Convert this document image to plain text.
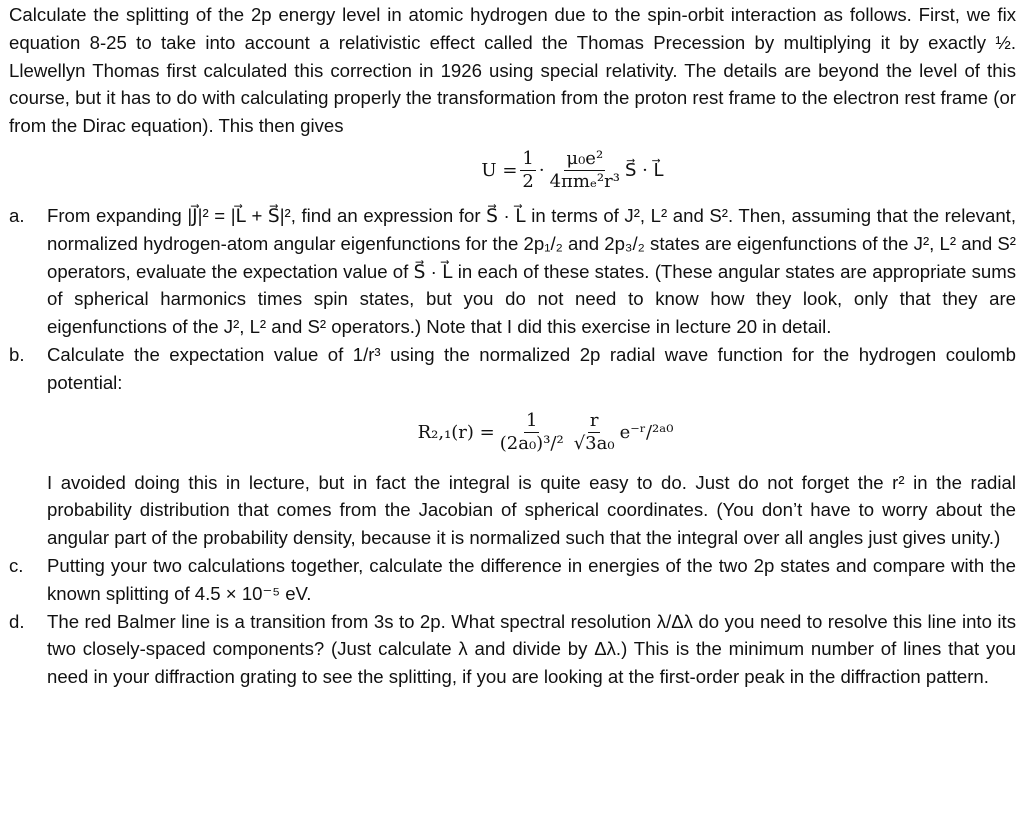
Calculate the splitting of the 2p energy level in atomic hydrogen due to the spin-orbit interaction as follows. First, we fix equation 8-25 to take into account a relativistic effect called the Thomas Precession by multiplying it by exactly ½. Llewellyn Thomas first calculated this correction in 1926 using special relativity. The details are beyond the level of this course, but it has to do with calculating properly the transformation from the proton rest frame to the electron rest frame (or from the Dirac equation). This then gives

$U = \frac{1}{2} \cdot \frac{\text{μ₀e²}}{\text{4πmₑ²r³}}$ S⃗ · L⃗
a.	From expanding |J⃗|² = |L⃗ + S⃗|², find an expression for S⃗ · L⃗ in terms of J², L² and S². Then, assuming that the relevant, normalized hydrogen-atom angular eigenfunctions for the 2p₁/₂ and 2p₃/₂ states are eigenfunctions of the J², L² and S² operators, evaluate the expectation value of S⃗ · L⃗ in each of these states. (These angular states are appropriate sums of spherical harmonics times spin states, but you do not need to know how they look, only that they are eigenfunctions of the J², L² and S² operators.) Note that I did this exercise in lecture 20 in detail.

b.	Calculate the expectation value of 1/r³ using the normalized 2p radial wave function for the hydrogen coulomb potential:

$R_2,_1(r) = \frac{1}{\text{(2a₀)³/²}} \frac{r}{\text{√3a₀}}$ e⁻ʳ/²ᵃ⁰

I avoided doing this in lecture, but in fact the integral is quite easy to do. Just do not forget the r² in the radial probability distribution that comes from the Jacobian of spherical coordinates. (You don’t have to worry about the angular part of the probability density, because it is normalized such that the integral over all angles just gives unity.)

c.	Putting your two calculations together, calculate the difference in energies of the two 2p states and compare with the known splitting of 4.5 × 10⁻⁵ eV.

d.	The red Balmer line is a transition from 3s to 2p. What spectral resolution λ/Δλ do you need to resolve this line into its two closely-spaced components? (Just calculate λ and divide by Δλ.) This is the minimum number of lines that you need in your diffraction grating to see the splitting, if you are looking at the first-order peak in the diffraction pattern.
